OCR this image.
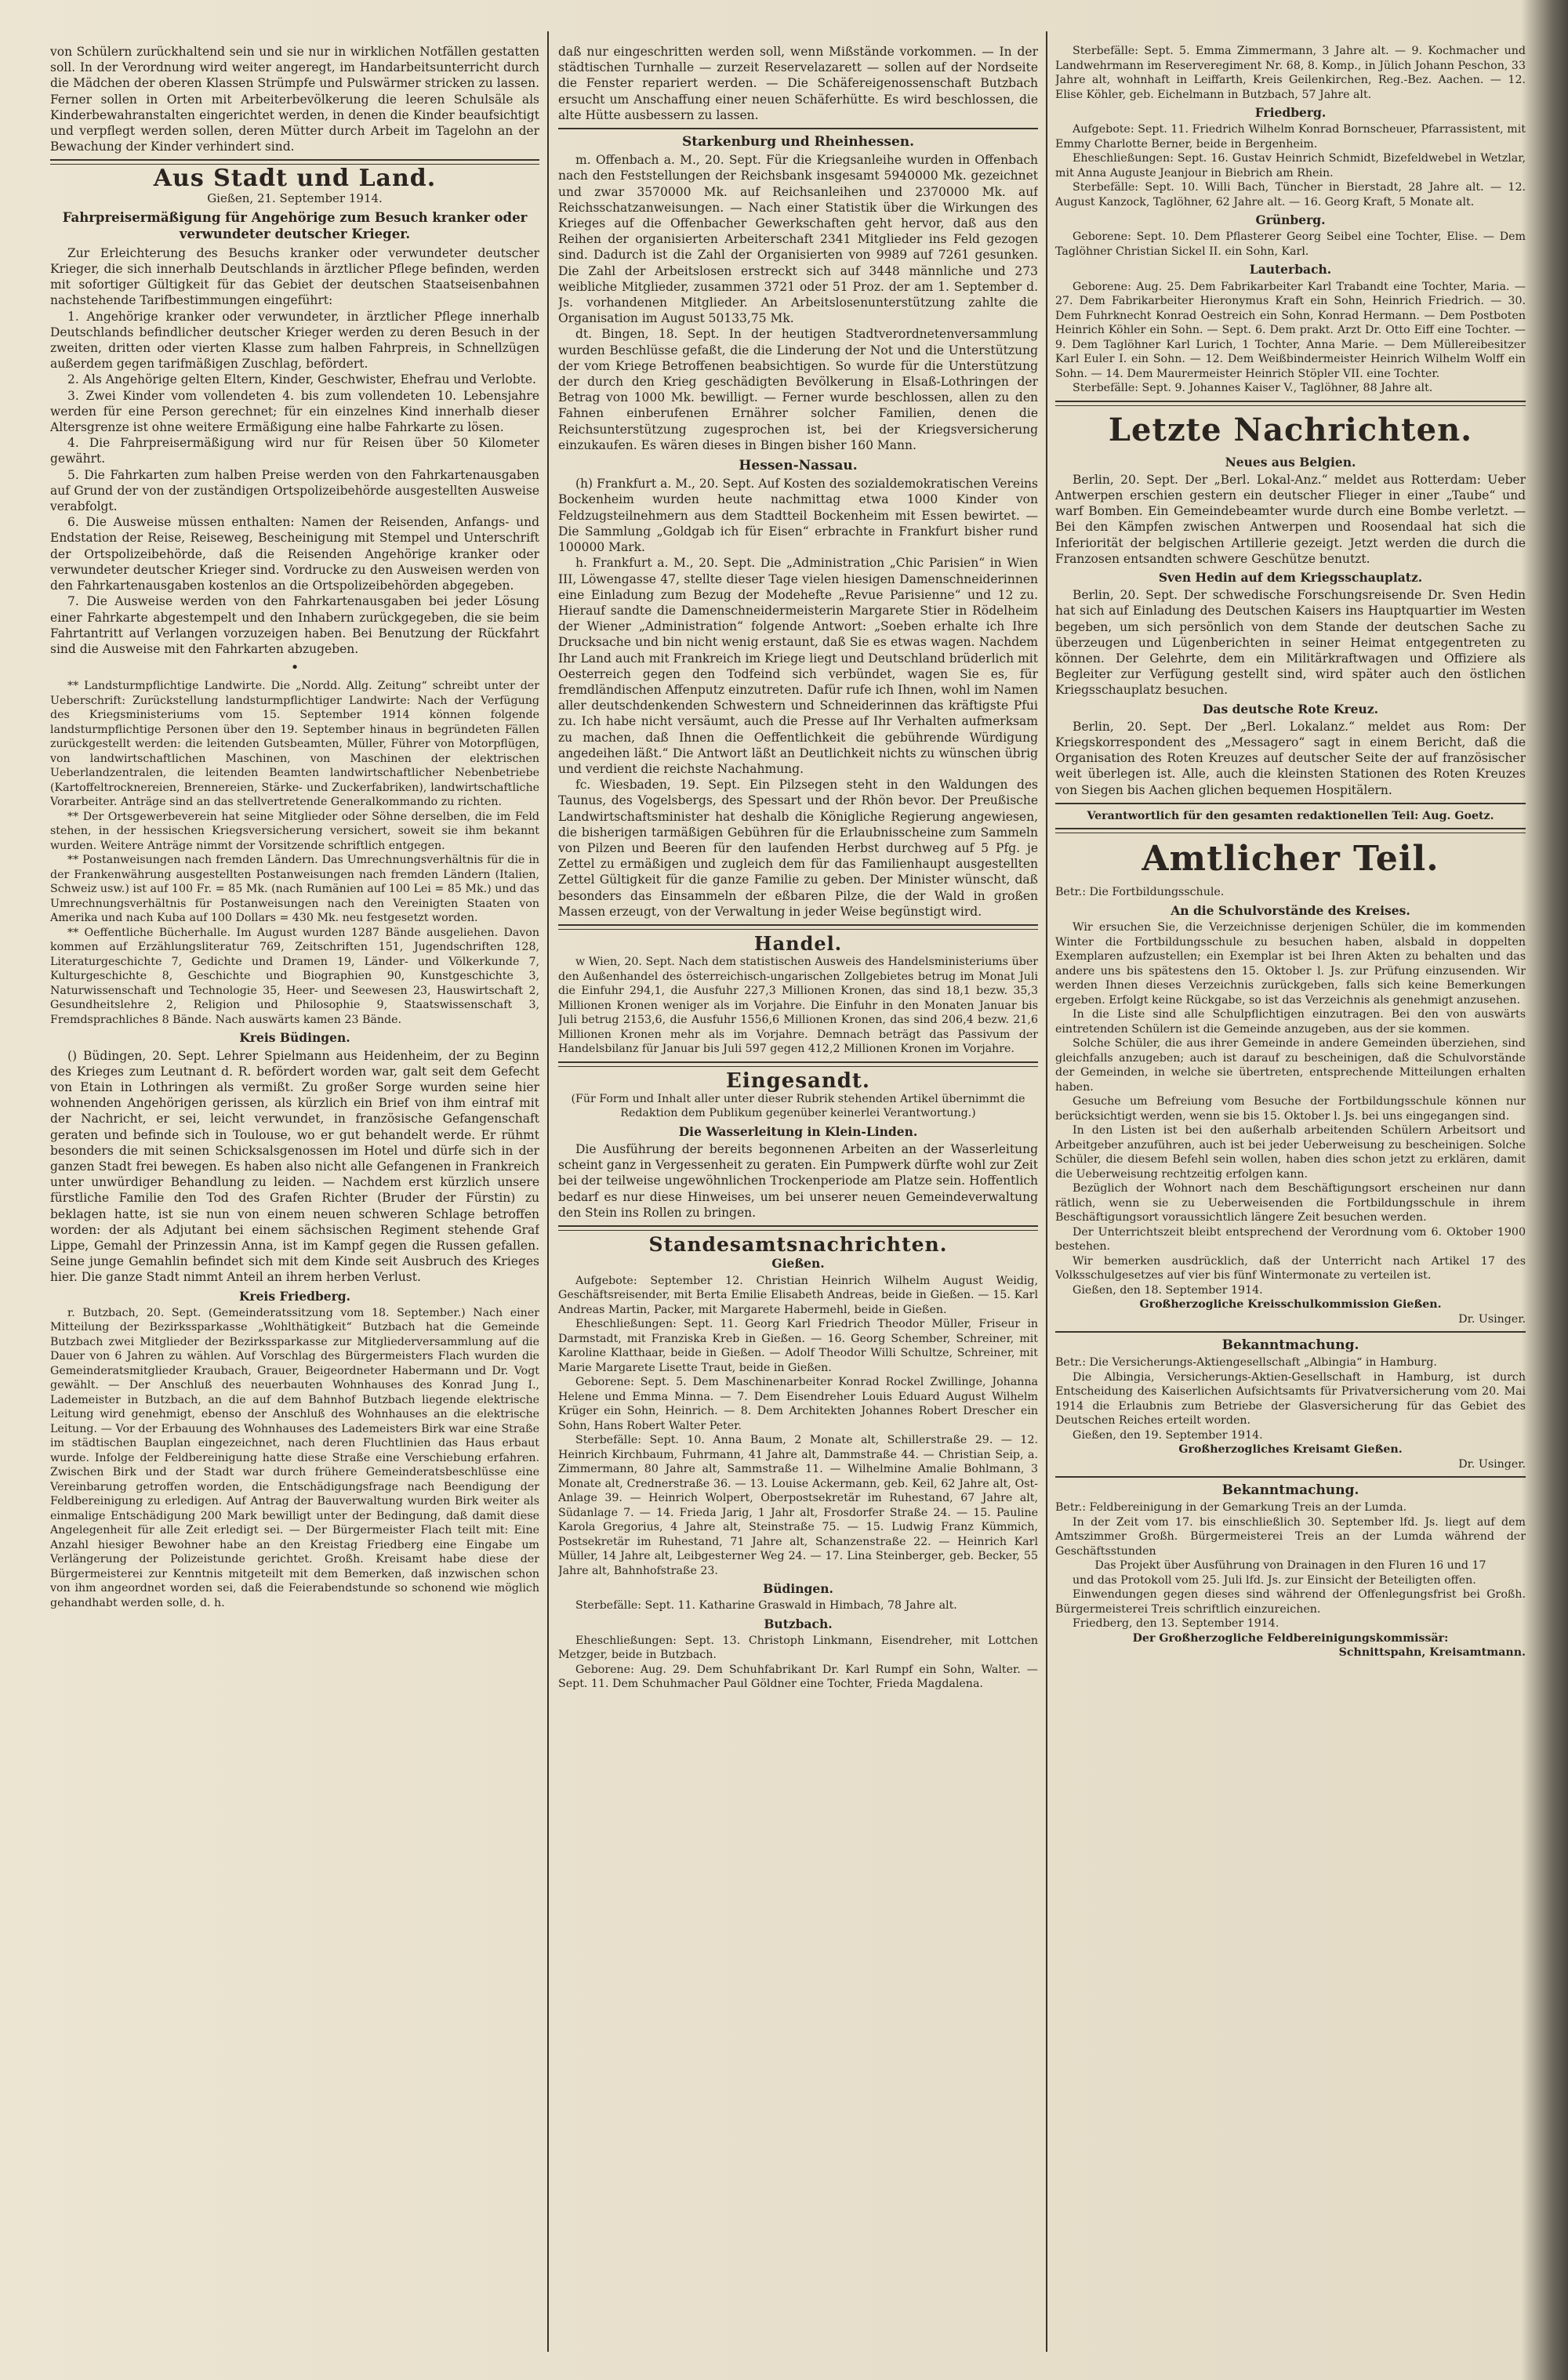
von Schülern zurückhaltend sein und sie nur in wirklichen Notfällen gestatten soll. In der Verordnung wird weiter angeregt, im Handarbeitsunterricht durch die Mädchen der oberen Klassen Strümpfe und Pulswärmer stricken zu lassen. Ferner sollen in Orten mit Arbeiterbevölkerung die leeren Schulsäle als Kinderbewahranstalten eingerichtet werden, in denen die Kinder beaufsichtigt und verpflegt werden sollen, deren Mütter durch Arbeit im Tagelohn an der Bewachung der Kinder verhindert sind.

Aus Stadt und Land.
Gießen, 21. September 1914.
Fahrpreisermäßigung für Angehörige zum Besuch kranker oder verwundeter deutscher Krieger.

Zur Erleichterung des Besuchs kranker oder verwundeter deutscher Krieger, die sich innerhalb Deutschlands in ärztlicher Pflege befinden, werden mit sofortiger Gültigkeit für das Gebiet der deutschen Staatseisenbahnen nachstehende Tarifbestimmungen eingeführt:

1. Angehörige kranker oder verwundeter, in ärztlicher Pflege innerhalb Deutschlands befindlicher deutscher Krieger werden zu deren Besuch in der zweiten, dritten oder vierten Klasse zum halben Fahrpreis, in Schnellzügen außerdem gegen tarifmäßigen Zuschlag, befördert.

2. Als Angehörige gelten Eltern, Kinder, Geschwister, Ehefrau und Verlobte.

3. Zwei Kinder vom vollendeten 4. bis zum vollendeten 10. Lebensjahre werden für eine Person gerechnet; für ein einzelnes Kind innerhalb dieser Altersgrenze ist ohne weitere Ermäßigung eine halbe Fahrkarte zu lösen.

4. Die Fahrpreisermäßigung wird nur für Reisen über 50 Kilometer gewährt.

5. Die Fahrkarten zum halben Preise werden von den Fahrkartenausgaben auf Grund der von der zuständigen Ortspolizeibehörde ausgestellten Ausweise verabfolgt.

6. Die Ausweise müssen enthalten: Namen der Reisenden, Anfangs- und Endstation der Reise, Reiseweg, Bescheinigung mit Stempel und Unterschrift der Ortspolizeibehörde, daß die Reisenden Angehörige kranker oder verwundeter deutscher Krieger sind. Vordrucke zu den Ausweisen werden von den Fahrkartenausgaben kostenlos an die Ortspolizeibehörden abgegeben.

7. Die Ausweise werden von den Fahrkartenausgaben bei jeder Lösung einer Fahrkarte abgestempelt und den Inhabern zurückgegeben, die sie beim Fahrtantritt auf Verlangen vorzuzeigen haben. Bei Benutzung der Rückfahrt sind die Ausweise mit den Fahrkarten abzugeben.

•

** Landsturmpflichtige Landwirte. Die „Nordd. Allg. Zeitung“ schreibt unter der Ueberschrift: Zurückstellung landsturmpflichtiger Landwirte: Nach der Verfügung des Kriegsministeriums vom 15. September 1914 können folgende landsturmpflichtige Personen über den 19. September hinaus in begründeten Fällen zurückgestellt werden: die leitenden Gutsbeamten, Müller, Führer von Motorpflügen, von landwirtschaftlichen Maschinen, von Maschinen der elektrischen Ueberlandzentralen, die leitenden Beamten landwirtschaftlicher Nebenbetriebe (Kartoffeltrocknereien, Brennereien, Stärke- und Zuckerfabriken), landwirtschaftliche Vorarbeiter. Anträge sind an das stellvertretende Generalkommando zu richten.

** Der Ortsgewerbeverein hat seine Mitglieder oder Söhne derselben, die im Feld stehen, in der hessischen Kriegsversicherung versichert, soweit sie ihm bekannt wurden. Weitere Anträge nimmt der Vorsitzende schriftlich entgegen.

** Postanweisungen nach fremden Ländern. Das Umrechnungsverhältnis für die in der Frankenwährung ausgestellten Postanweisungen nach fremden Ländern (Italien, Schweiz usw.) ist auf 100 Fr. = 85 Mk. (nach Rumänien auf 100 Lei = 85 Mk.) und das Umrechnungsverhältnis für Postanweisungen nach den Vereinigten Staaten von Amerika und nach Kuba auf 100 Dollars = 430 Mk. neu festgesetzt worden.

** Oeffentliche Bücherhalle. Im August wurden 1287 Bände ausgeliehen. Davon kommen auf Erzählungsliteratur 769, Zeitschriften 151, Jugendschriften 128, Literaturgeschichte 7, Gedichte und Dramen 19, Länder- und Völkerkunde 7, Kulturgeschichte 8, Geschichte und Biographien 90, Kunstgeschichte 3, Naturwissenschaft und Technologie 35, Heer- und Seewesen 23, Hauswirtschaft 2, Gesundheitslehre 2, Religion und Philosophie 9, Staatswissenschaft 3, Fremdsprachliches 8 Bände. Nach auswärts kamen 23 Bände.

Kreis Büdingen.

() Büdingen, 20. Sept. Lehrer Spielmann aus Heidenheim, der zu Beginn des Krieges zum Leutnant d. R. befördert worden war, galt seit dem Gefecht von Etain in Lothringen als vermißt. Zu großer Sorge wurden seine hier wohnenden Angehörigen gerissen, als kürzlich ein Brief von ihm eintraf mit der Nachricht, er sei, leicht verwundet, in französische Gefangenschaft geraten und befinde sich in Toulouse, wo er gut behandelt werde. Er rühmt besonders die mit seinen Schicksalsgenossen im Hotel und dürfe sich in der ganzen Stadt frei bewegen. Es haben also nicht alle Gefangenen in Frankreich unter unwürdiger Behandlung zu leiden. — Nachdem erst kürzlich unsere fürstliche Familie den Tod des Grafen Richter (Bruder der Fürstin) zu beklagen hatte, ist sie nun von einem neuen schweren Schlage betroffen worden: der als Adjutant bei einem sächsischen Regiment stehende Graf Lippe, Gemahl der Prinzessin Anna, ist im Kampf gegen die Russen gefallen. Seine junge Gemahlin befindet sich mit dem Kinde seit Ausbruch des Krieges hier. Die ganze Stadt nimmt Anteil an ihrem herben Verlust.

Kreis Friedberg.

r. Butzbach, 20. Sept. (Gemeinderatssitzung vom 18. September.) Nach einer Mitteilung der Bezirkssparkasse „Wohlthätigkeit“ Butzbach hat die Gemeinde Butzbach zwei Mitglieder der Bezirkssparkasse zur Mitgliederversammlung auf die Dauer von 6 Jahren zu wählen. Auf Vorschlag des Bürgermeisters Flach wurden die Gemeinderatsmitglieder Kraubach, Grauer, Beigeordneter Habermann und Dr. Vogt gewählt. — Der Anschluß des neuerbauten Wohnhauses des Konrad Jung I., Lademeister in Butzbach, an die auf dem Bahnhof Butzbach liegende elektrische Leitung wird genehmigt, ebenso der Anschluß des Wohnhauses an die elektrische Leitung. — Vor der Erbauung des Wohnhauses des Lademeisters Birk war eine Straße im städtischen Bauplan eingezeichnet, nach deren Fluchtlinien das Haus erbaut wurde. Infolge der Feldbereinigung hatte diese Straße eine Verschiebung erfahren. Zwischen Birk und der Stadt war durch frühere Gemeinderatsbeschlüsse eine Vereinbarung getroffen worden, die Entschädigungsfrage nach Beendigung der Feldbereinigung zu erledigen. Auf Antrag der Bauverwaltung wurden Birk weiter als einmalige Entschädigung 200 Mark bewilligt unter der Bedingung, daß damit diese Angelegenheit für alle Zeit erledigt sei. — Der Bürgermeister Flach teilt mit: Eine Anzahl hiesiger Bewohner habe an den Kreistag Friedberg eine Eingabe um Verlängerung der Polizeistunde gerichtet. Großh. Kreisamt habe diese der Bürgermeisterei zur Kenntnis mitgeteilt mit dem Bemerken, daß inzwischen schon von ihm angeordnet worden sei, daß die Feierabendstunde so schonend wie möglich gehandhabt werden solle, d. h.

daß nur eingeschritten werden soll, wenn Mißstände vorkommen. — In der städtischen Turnhalle — zurzeit Reservelazarett — sollen auf der Nordseite die Fenster repariert werden. — Die Schäfereigenossenschaft Butzbach ersucht um Anschaffung einer neuen Schäferhütte. Es wird beschlossen, die alte Hütte ausbessern zu lassen.

Starkenburg und Rheinhessen.

m. Offenbach a. M., 20. Sept. Für die Kriegsanleihe wurden in Offenbach nach den Feststellungen der Reichsbank insgesamt 5940000 Mk. gezeichnet und zwar 3570000 Mk. auf Reichsanleihen und 2370000 Mk. auf Reichsschatzanweisungen. — Nach einer Statistik über die Wirkungen des Krieges auf die Offenbacher Gewerkschaften geht hervor, daß aus den Reihen der organisierten Arbeiterschaft 2341 Mitglieder ins Feld gezogen sind. Dadurch ist die Zahl der Organisierten von 9989 auf 7261 gesunken. Die Zahl der Arbeitslosen erstreckt sich auf 3448 männliche und 273 weibliche Mitglieder, zusammen 3721 oder 51 Proz. der am 1. September d. Js. vorhandenen Mitglieder. An Arbeitslosenunterstützung zahlte die Organisation im August 50133,75 Mk.

dt. Bingen, 18. Sept. In der heutigen Stadtverordnetenversammlung wurden Beschlüsse gefaßt, die die Linderung der Not und die Unterstützung der vom Kriege Betroffenen beabsichtigen. So wurde für die Unterstützung der durch den Krieg geschädigten Bevölkerung in Elsaß-Lothringen der Betrag von 1000 Mk. bewilligt. — Ferner wurde beschlossen, allen zu den Fahnen einberufenen Ernährer solcher Familien, denen die Reichsunterstützung zugesprochen ist, bei der Kriegsversicherung einzukaufen. Es wären dieses in Bingen bisher 160 Mann.

Hessen-Nassau.

(h) Frankfurt a. M., 20. Sept. Auf Kosten des sozialdemokratischen Vereins Bockenheim wurden heute nachmittag etwa 1000 Kinder von Feldzugsteilnehmern aus dem Stadtteil Bockenheim mit Essen bewirtet. — Die Sammlung „Goldgab ich für Eisen“ erbrachte in Frankfurt bisher rund 100000 Mark.

h. Frankfurt a. M., 20. Sept. Die „Administration „Chic Parisien“ in Wien III, Löwengasse 47, stellte dieser Tage vielen hiesigen Damenschneiderinnen eine Einladung zum Bezug der Modehefte „Revue Parisienne“ und 12 zu. Hierauf sandte die Damenschneidermeisterin Margarete Stier in Rödelheim der Wiener „Administration“ folgende Antwort: „Soeben erhalte ich Ihre Drucksache und bin nicht wenig erstaunt, daß Sie es etwas wagen. Nachdem Ihr Land auch mit Frankreich im Kriege liegt und Deutschland brüderlich mit Oesterreich gegen den Todfeind sich verbündet, wagen Sie es, für fremdländischen Affenputz einzutreten. Dafür rufe ich Ihnen, wohl im Namen aller deutschdenkenden Schwestern und Schneiderinnen das kräftigste Pfui zu. Ich habe nicht versäumt, auch die Presse auf Ihr Verhalten aufmerksam zu machen, daß Ihnen die Oeffentlichkeit die gebührende Würdigung angedeihen läßt.“ Die Antwort läßt an Deutlichkeit nichts zu wünschen übrig und verdient die reichste Nachahmung.

fc. Wiesbaden, 19. Sept. Ein Pilzsegen steht in den Waldungen des Taunus, des Vogelsbergs, des Spessart und der Rhön bevor. Der Preußische Landwirtschaftsminister hat deshalb die Königliche Regierung angewiesen, die bisherigen tarmäßigen Gebühren für die Erlaubnisscheine zum Sammeln von Pilzen und Beeren für den laufenden Herbst durchweg auf 5 Pfg. je Zettel zu ermäßigen und zugleich dem für das Familienhaupt ausgestellten Zettel Gültigkeit für die ganze Familie zu geben. Der Minister wünscht, daß besonders das Einsammeln der eßbaren Pilze, die der Wald in großen Massen erzeugt, von der Verwaltung in jeder Weise begünstigt wird.

Handel.

w Wien, 20. Sept. Nach dem statistischen Ausweis des Handelsministeriums über den Außenhandel des österreichisch-ungarischen Zollgebietes betrug im Monat Juli die Einfuhr 294,1, die Ausfuhr 227,3 Millionen Kronen, das sind 18,1 bezw. 35,3 Millionen Kronen weniger als im Vorjahre. Die Einfuhr in den Monaten Januar bis Juli betrug 2153,6, die Ausfuhr 1556,6 Millionen Kronen, das sind 206,4 bezw. 21,6 Millionen Kronen mehr als im Vorjahre. Demnach beträgt das Passivum der Handelsbilanz für Januar bis Juli 597 gegen 412,2 Millionen Kronen im Vorjahre.

Eingesandt.

(Für Form und Inhalt aller unter dieser Rubrik stehenden Artikel übernimmt die Redaktion dem Publikum gegenüber keinerlei Verantwortung.)

Die Wasserleitung in Klein-Linden.

Die Ausführung der bereits begonnenen Arbeiten an der Wasserleitung scheint ganz in Vergessenheit zu geraten. Ein Pumpwerk dürfte wohl zur Zeit bei der teilweise ungewöhnlichen Trockenperiode am Platze sein. Hoffentlich bedarf es nur diese Hinweises, um bei unserer neuen Gemeindeverwaltung den Stein ins Rollen zu bringen.

Standesamtsnachrichten.
Gießen.

Aufgebote: September 12. Christian Heinrich Wilhelm August Weidig, Geschäftsreisender, mit Berta Emilie Elisabeth Andreas, beide in Gießen. — 15. Karl Andreas Martin, Packer, mit Margarete Habermehl, beide in Gießen.

Eheschließungen: Sept. 11. Georg Karl Friedrich Theodor Müller, Friseur in Darmstadt, mit Franziska Kreb in Gießen. — 16. Georg Schember, Schreiner, mit Karoline Klatthaar, beide in Gießen. — Adolf Theodor Willi Schultze, Schreiner, mit Marie Margarete Lisette Traut, beide in Gießen.

Geborene: Sept. 5. Dem Maschinenarbeiter Konrad Rockel Zwillinge, Johanna Helene und Emma Minna. — 7. Dem Eisendreher Louis Eduard August Wilhelm Krüger ein Sohn, Heinrich. — 8. Dem Architekten Johannes Robert Drescher ein Sohn, Hans Robert Walter Peter.

Sterbefälle: Sept. 10. Anna Baum, 2 Monate alt, Schillerstraße 29. — 12. Heinrich Kirchbaum, Fuhrmann, 41 Jahre alt, Dammstraße 44. — Christian Seip, a. Zimmermann, 80 Jahre alt, Sammstraße 11. — Wilhelmine Amalie Bohlmann, 3 Monate alt, Crednerstraße 36. — 13. Louise Ackermann, geb. Keil, 62 Jahre alt, Ost-Anlage 39. — Heinrich Wolpert, Oberpostsekretär im Ruhestand, 67 Jahre alt, Südanlage 7. — 14. Frieda Jarig, 1 Jahr alt, Frosdorfer Straße 24. — 15. Pauline Karola Gregorius, 4 Jahre alt, Steinstraße 75. — 15. Ludwig Franz Kümmich, Postsekretär im Ruhestand, 71 Jahre alt, Schanzenstraße 22. — Heinrich Karl Müller, 14 Jahre alt, Leibgesterner Weg 24. — 17. Lina Steinberger, geb. Becker, 55 Jahre alt, Bahnhofstraße 23.

Büdingen.

Sterbefälle: Sept. 11. Katharine Graswald in Himbach, 78 Jahre alt.

Butzbach.

Eheschließungen: Sept. 13. Christoph Linkmann, Eisendreher, mit Lottchen Metzger, beide in Butzbach.

Geborene: Aug. 29. Dem Schuhfabrikant Dr. Karl Rumpf ein Sohn, Walter. — Sept. 11. Dem Schuhmacher Paul Göldner eine Tochter, Frieda Magdalena.

Sterbefälle: Sept. 5. Emma Zimmermann, 3 Jahre alt. — 9. Kochmacher und Landwehrmann im Reserveregiment Nr. 68, 8. Komp., in Jülich Johann Peschon, 33 Jahre alt, wohnhaft in Leiffarth, Kreis Geilenkirchen, Reg.-Bez. Aachen. — 12. Elise Köhler, geb. Eichelmann in Butzbach, 57 Jahre alt.

Friedberg.

Aufgebote: Sept. 11. Friedrich Wilhelm Konrad Bornscheuer, Pfarrassistent, mit Emmy Charlotte Berner, beide in Bergenheim.

Eheschließungen: Sept. 16. Gustav Heinrich Schmidt, Bizefeldwebel in Wetzlar, mit Anna Auguste Jeanjour in Biebrich am Rhein.

Sterbefälle: Sept. 10. Willi Bach, Tüncher in Bierstadt, 28 Jahre alt. — 12. August Kanzock, Taglöhner, 62 Jahre alt. — 16. Georg Kraft, 5 Monate alt.

Grünberg.

Geborene: Sept. 10. Dem Pflasterer Georg Seibel eine Tochter, Elise. — Dem Taglöhner Christian Sickel II. ein Sohn, Karl.

Lauterbach.

Geborene: Aug. 25. Dem Fabrikarbeiter Karl Trabandt eine Tochter, Maria. — 27. Dem Fabrikarbeiter Hieronymus Kraft ein Sohn, Heinrich Friedrich. — 30. Dem Fuhrknecht Konrad Oestreich ein Sohn, Konrad Hermann. — Dem Postboten Heinrich Köhler ein Sohn. — Sept. 6. Dem prakt. Arzt Dr. Otto Eiff eine Tochter. — 9. Dem Taglöhner Karl Lurich, 1 Tochter, Anna Marie. — Dem Müllereibesitzer Karl Euler I. ein Sohn. — 12. Dem Weißbindermeister Heinrich Wilhelm Wolff ein Sohn. — 14. Dem Maurermeister Heinrich Stöpler VII. eine Tochter.

Sterbefälle: Sept. 9. Johannes Kaiser V., Taglöhner, 88 Jahre alt.

Letzte Nachrichten.
Neues aus Belgien.

Berlin, 20. Sept. Der „Berl. Lokal-Anz.“ meldet aus Rotterdam: Ueber Antwerpen erschien gestern ein deutscher Flieger in einer „Taube“ und warf Bomben. Ein Gemeindebeamter wurde durch eine Bombe verletzt. — Bei den Kämpfen zwischen Antwerpen und Roosendaal hat sich die Inferiorität der belgischen Artillerie gezeigt. Jetzt werden die durch die Franzosen entsandten schwere Geschütze benutzt.

Sven Hedin auf dem Kriegsschauplatz.

Berlin, 20. Sept. Der schwedische Forschungsreisende Dr. Sven Hedin hat sich auf Einladung des Deutschen Kaisers ins Hauptquartier im Westen begeben, um sich persönlich von dem Stande der deutschen Sache zu überzeugen und Lügenberichten in seiner Heimat entgegentreten zu können. Der Gelehrte, dem ein Militärkraftwagen und Offiziere als Begleiter zur Verfügung gestellt sind, wird später auch den östlichen Kriegsschauplatz besuchen.

Das deutsche Rote Kreuz.

Berlin, 20. Sept. Der „Berl. Lokalanz.“ meldet aus Rom: Der Kriegskorrespondent des „Messagero“ sagt in einem Bericht, daß die Organisation des Roten Kreuzes auf deutscher Seite der auf französischer weit überlegen ist. Alle, auch die kleinsten Stationen des Roten Kreuzes von Siegen bis Aachen glichen bequemen Hospitälern.

Verantwortlich für den gesamten redaktionellen Teil: Aug. Goetz.

Amtlicher Teil.

Betr.: Die Fortbildungsschule.

An die Schulvorstände des Kreises.

Wir ersuchen Sie, die Verzeichnisse derjenigen Schüler, die im kommenden Winter die Fortbildungsschule zu besuchen haben, alsbald in doppelten Exemplaren aufzustellen; ein Exemplar ist bei Ihren Akten zu behalten und das andere uns bis spätestens den 15. Oktober l. Js. zur Prüfung einzusenden. Wir werden Ihnen dieses Verzeichnis zurückgeben, falls sich keine Bemerkungen ergeben. Erfolgt keine Rückgabe, so ist das Verzeichnis als genehmigt anzusehen.

In die Liste sind alle Schulpflichtigen einzutragen. Bei den von auswärts eintretenden Schülern ist die Gemeinde anzugeben, aus der sie kommen.

Solche Schüler, die aus ihrer Gemeinde in andere Gemeinden überziehen, sind gleichfalls anzugeben; auch ist darauf zu bescheinigen, daß die Schulvorstände der Gemeinden, in welche sie übertreten, entsprechende Mitteilungen erhalten haben.

Gesuche um Befreiung vom Besuche der Fortbildungsschule können nur berücksichtigt werden, wenn sie bis 15. Oktober l. Js. bei uns eingegangen sind.

In den Listen ist bei den außerhalb arbeitenden Schülern Arbeitsort und Arbeitgeber anzuführen, auch ist bei jeder Ueberweisung zu bescheinigen. Solche Schüler, die diesem Befehl sein wollen, haben dies schon jetzt zu erklären, damit die Ueberweisung rechtzeitig erfolgen kann.

Bezüglich der Wohnort nach dem Beschäftigungsort erscheinen nur dann rätlich, wenn sie zu Ueberweisenden die Fortbildungsschule in ihrem Beschäftigungsort voraussichtlich längere Zeit besuchen werden.

Der Unterrichtszeit bleibt entsprechend der Verordnung vom 6. Oktober 1900 bestehen.

Wir bemerken ausdrücklich, daß der Unterricht nach Artikel 17 des Volksschulgesetzes auf vier bis fünf Wintermonate zu verteilen ist.

Gießen, den 18. September 1914.

Großherzogliche Kreisschulkommission Gießen.

Dr. Usinger.

Bekanntmachung.

Betr.: Die Versicherungs-Aktiengesellschaft „Albingia“ in Hamburg.

Die Albingia, Versicherungs-Aktien-Gesellschaft in Hamburg, ist durch Entscheidung des Kaiserlichen Aufsichtsamts für Privatversicherung vom 20. Mai 1914 die Erlaubnis zum Betriebe der Glasversicherung für das Gebiet des Deutschen Reiches erteilt worden.

Gießen, den 19. September 1914.

Großherzogliches Kreisamt Gießen.

Dr. Usinger.

Bekanntmachung.

Betr.: Feldbereinigung in der Gemarkung Treis an der Lumda.

In der Zeit vom 17. bis einschließlich 30. September lfd. Js. liegt auf dem Amtszimmer Großh. Bürgermeisterei Treis an der Lumda während der Geschäftsstunden

Das Projekt über Ausführung von Drainagen in den Fluren 16 und 17

und das Protokoll vom 25. Juli lfd. Js. zur Einsicht der Beteiligten offen.

Einwendungen gegen dieses sind während der Offenlegungsfrist bei Großh. Bürgermeisterei Treis schriftlich einzureichen.

Friedberg, den 13. September 1914.

Der Großherzogliche Feldbereinigungskommissär:

Schnittspahn, Kreisamtmann.
